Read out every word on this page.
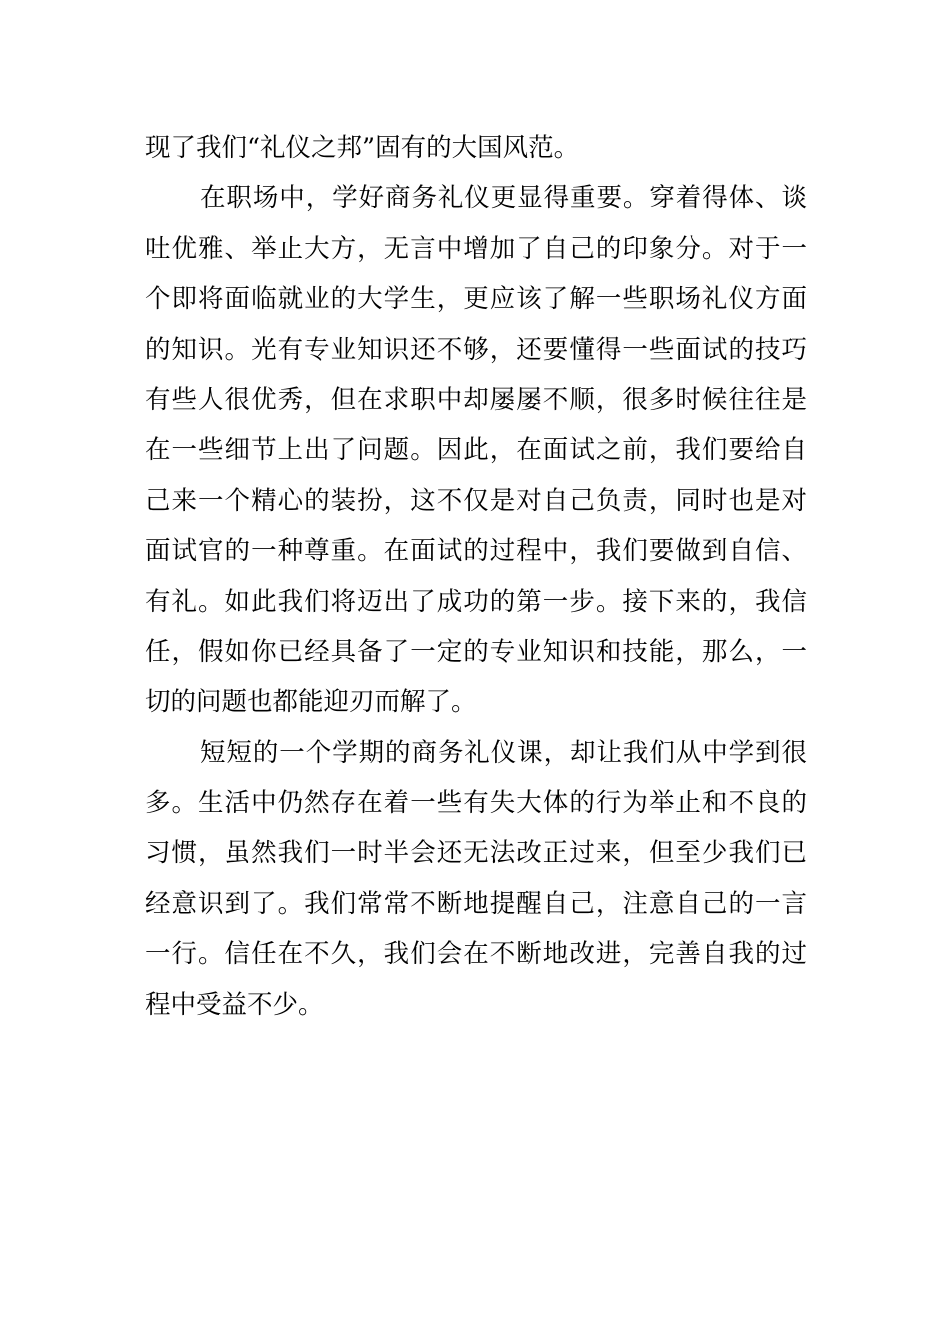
现了我们“礼仪之邦”固有的大国风范。
在职场中，学好商务礼仪更显得重要。穿着得体、谈
吐优雅、举止大方，无言中增加了自己的印象分。对于一
个即将面临就业的大学生，更应该了解一些职场礼仪方面
的知识。光有专业知识还不够，还要懂得一些面试的技巧
有些人很优秀，但在求职中却屡屡不顺，很多时候往往是
在一些细节上出了问题。因此，在面试之前，我们要给自
己来一个精心的装扮，这不仅是对自己负责，同时也是对
面试官的一种尊重。在面试的过程中，我们要做到自信、
有礼。如此我们将迈出了成功的第一步。接下来的，我信
任，假如你已经具备了一定的专业知识和技能，那么，一
切的问题也都能迎刃而解了。
短短的一个学期的商务礼仪课，却让我们从中学到很
多。生活中仍然存在着一些有失大体的行为举止和不良的
习惯，虽然我们一时半会还无法改正过来，但至少我们已
经意识到了。我们常常不断地提醒自己，注意自己的一言
一行。信任在不久，我们会在不断地改进，完善自我的过
程中受益不少。
